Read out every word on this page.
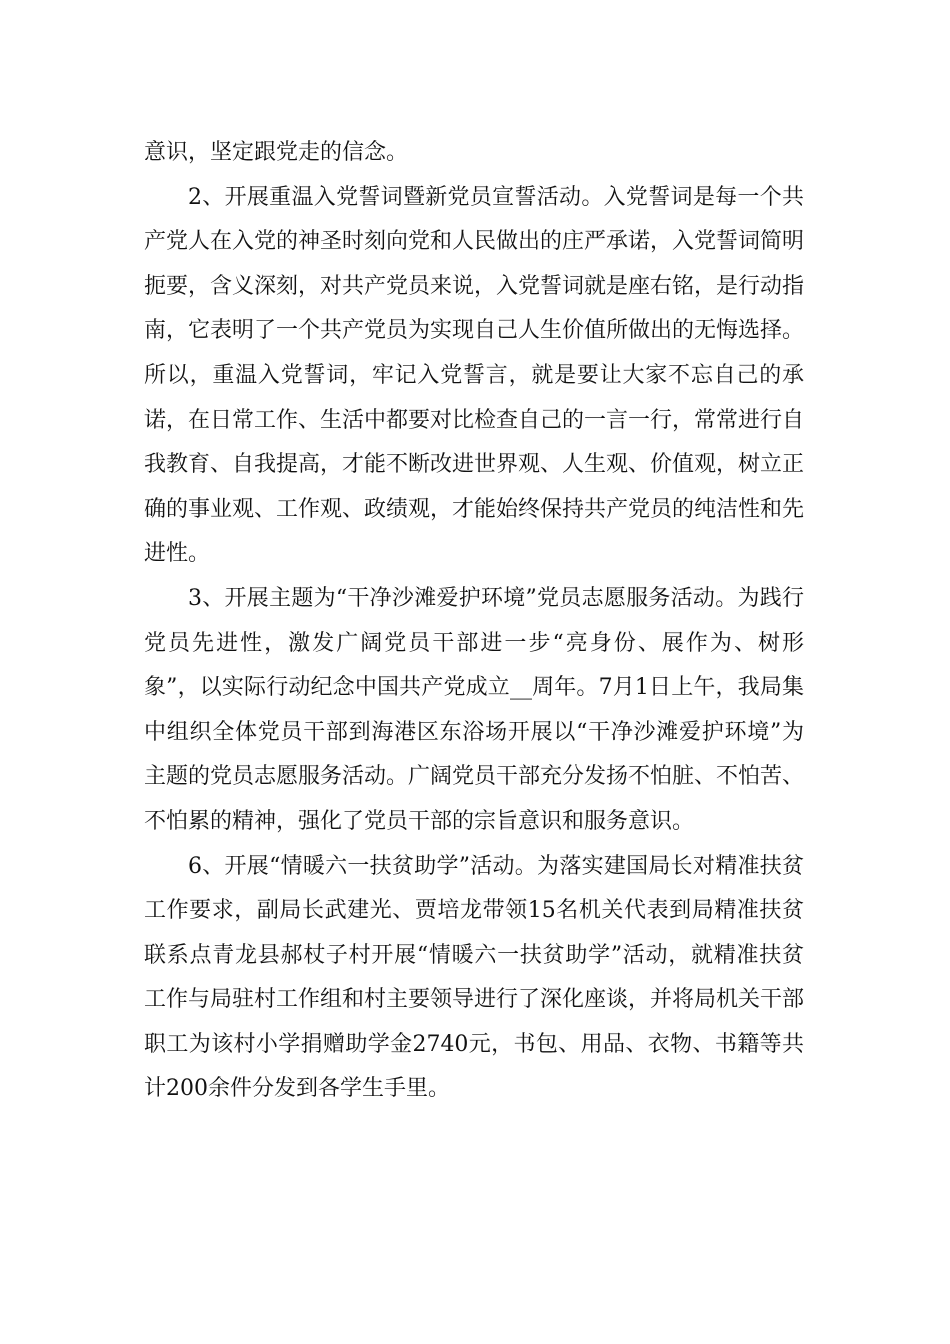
意识，坚定跟党走的信念。

2、开展重温入党誓词暨新党员宣誓活动。入党誓词是每一个共产党人在入党的神圣时刻向党和人民做出的庄严承诺，入党誓词简明扼要，含义深刻，对共产党员来说，入党誓词就是座右铭，是行动指南，它表明了一个共产党员为实现自己人生价值所做出的无悔选择。所以，重温入党誓词，牢记入党誓言，就是要让大家不忘自己的承诺，在日常工作、生活中都要对比检查自己的一言一行，常常进行自我教育、自我提高，才能不断改进世界观、人生观、价值观，树立正确的事业观、工作观、政绩观，才能始终保持共产党员的纯洁性和先进性。

3、开展主题为“干净沙滩爱护环境”党员志愿服务活动。为践行党员先进性，激发广阔党员干部进一步“亮身份、展作为、树形象”，以实际行动纪念中国共产党成立__周年。7月1日上午，我局集中组织全体党员干部到海港区东浴场开展以“干净沙滩爱护环境”为主题的党员志愿服务活动。广阔党员干部充分发扬不怕脏、不怕苦、不怕累的精神，强化了党员干部的宗旨意识和服务意识。

6、开展“情暖六一扶贫助学”活动。为落实建国局长对精准扶贫工作要求，副局长武建光、贾培龙带领15名机关代表到局精准扶贫联系点青龙县郝杖子村开展“情暖六一扶贫助学”活动，就精准扶贫工作与局驻村工作组和村主要领导进行了深化座谈，并将局机关干部职工为该村小学捐赠助学金2740元，书包、用品、衣物、书籍等共计200余件分发到各学生手里。
